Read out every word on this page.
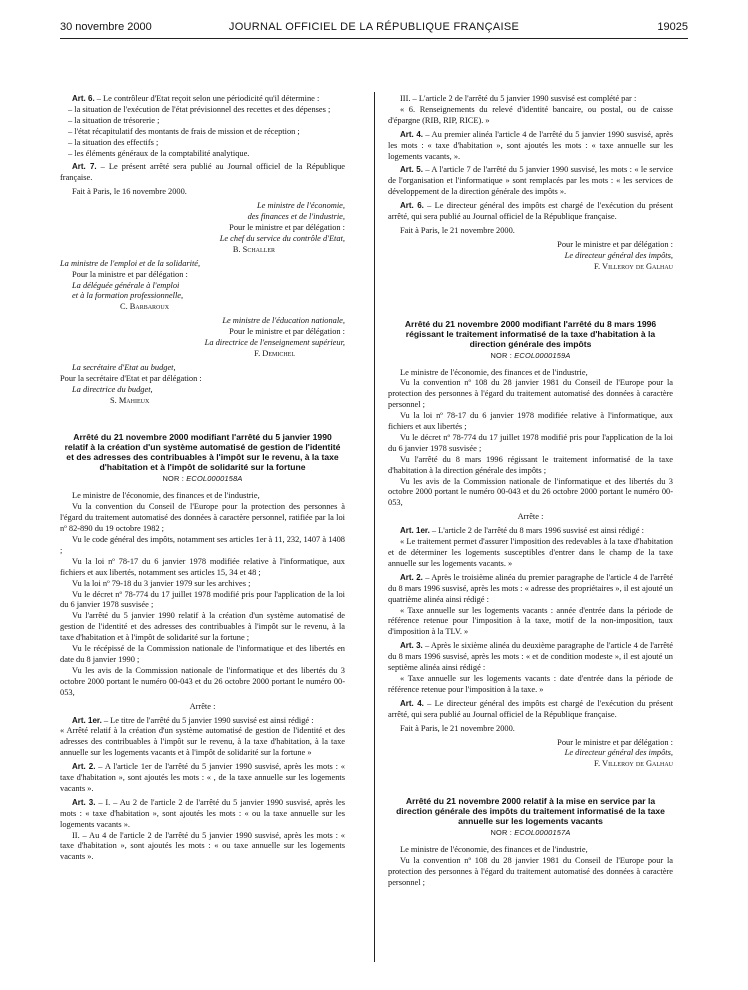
30 novembre 2000	JOURNAL OFFICIEL DE LA RÉPUBLIQUE FRANÇAISE	19025

Art. 6. – Le contrôleur d'Etat reçoit selon une périodicité qu'il détermine :

– la situation de l'exécution de l'état prévisionnel des recettes et des dépenses ;

– la situation de trésorerie ;

– l'état récapitulatif des montants de frais de mission et de réception ;

– la situation des effectifs ;

– les éléments généraux de la comptabilité analytique.

Art. 7. – Le présent arrêté sera publié au Journal officiel de la République française.

Fait à Paris, le 16 novembre 2000.

Le ministre de l'économie,

des finances et de l'industrie,

Pour le ministre et par délégation :

Le chef du service du contrôle d'Etat,

B. Schaller

La ministre de l'emploi et de la solidarité,

Pour la ministre et par délégation :

La déléguée générale à l'emploi

et à la formation professionnelle,

C. Barbaroux

Le ministre de l'éducation nationale,

Pour le ministre et par délégation :

La directrice de l'enseignement supérieur,

F. Demichel

La secrétaire d'Etat au budget,

Pour la secrétaire d'Etat et par délégation :

La directrice du budget,

S. Mahieux

Arrêté du 21 novembre 2000 modifiant l'arrêté du 5 janvier 1990 relatif à la création d'un système automatisé de gestion de l'identité et des adresses des contribuables à l'impôt sur le revenu, à la taxe d'habitation et à l'impôt de solidarité sur la fortune
NOR : ECOL0000158A

Le ministre de l'économie, des finances et de l'industrie,

Vu la convention du Conseil de l'Europe pour la protection des personnes à l'égard du traitement automatisé des données à caractère personnel, ratifiée par la loi nº 82-890 du 19 octobre 1982 ;

Vu le code général des impôts, notamment ses articles 1er à 11, 232, 1407 à 1408 ;

Vu la loi nº 78-17 du 6 janvier 1978 modifiée relative à l'informatique, aux fichiers et aux libertés, notamment ses articles 15, 34 et 48 ;

Vu la loi nº 79-18 du 3 janvier 1979 sur les archives ;

Vu le décret nº 78-774 du 17 juillet 1978 modifié pris pour l'application de la loi du 6 janvier 1978 susvisée ;

Vu l'arrêté du 5 janvier 1990 relatif à la création d'un système automatisé de gestion de l'identité et des adresses des contribuables à l'impôt sur le revenu, à la taxe d'habitation et à l'impôt de solidarité sur la fortune ;

Vu le récépissé de la Commission nationale de l'informatique et des libertés en date du 8 janvier 1990 ;

Vu les avis de la Commission nationale de l'informatique et des libertés du 3 octobre 2000 portant le numéro 00-043 et du 26 octobre 2000 portant le numéro 00-053,

Arrête :

Art. 1er. – Le titre de l'arrêté du 5 janvier 1990 susvisé est ainsi rédigé :

« Arrêté relatif à la création d'un système automatisé de gestion de l'identité et des adresses des contribuables à l'impôt sur le revenu, à la taxe d'habitation, à la taxe annuelle sur les logements vacants et à l'impôt de solidarité sur la fortune »

Art. 2. – A l'article 1er de l'arrêté du 5 janvier 1990 susvisé, après les mots : « taxe d'habitation », sont ajoutés les mots : « , de la taxe annuelle sur les logements vacants ».

Art. 3. – I. – Au 2 de l'article 2 de l'arrêté du 5 janvier 1990 susvisé, après les mots : « taxe d'habitation », sont ajoutés les mots : « ou la taxe annuelle sur les logements vacants ».

II. – Au 4 de l'article 2 de l'arrêté du 5 janvier 1990 susvisé, après les mots : « taxe d'habitation », sont ajoutés les mots : « ou taxe annuelle sur les logements vacants ».

III. – L'article 2 de l'arrêté du 5 janvier 1990 susvisé est complété par :

« 6. Renseignements du relevé d'identité bancaire, ou postal, ou de caisse d'épargne (RIB, RIP, RICE). »

Art. 4. – Au premier alinéa l'article 4 de l'arrêté du 5 janvier 1990 susvisé, après les mots : « taxe d'habitation », sont ajoutés les mots : « taxe annuelle sur les logements vacants, ».

Art. 5. – A l'article 7 de l'arrêté du 5 janvier 1990 susvisé, les mots : « le service de l'organisation et l'informatique » sont remplacés par les mots : « les services de développement de la direction générale des impôts ».

Art. 6. – Le directeur général des impôts est chargé de l'exécution du présent arrêté, qui sera publié au Journal officiel de la République française.

Fait à Paris, le 21 novembre 2000.

Pour le ministre et par délégation :

Le directeur général des impôts,

F. Villeroy de Galhau

Arrêté du 21 novembre 2000 modifiant l'arrêté du 8 mars 1996 régissant le traitement informatisé de la taxe d'habitation à la direction générale des impôts
NOR : ECOL0000159A

Le ministre de l'économie, des finances et de l'industrie,

Vu la convention nº 108 du 28 janvier 1981 du Conseil de l'Europe pour la protection des personnes à l'égard du traitement automatisé des données à caractère personnel ;

Vu la loi nº 78-17 du 6 janvier 1978 modifiée relative à l'informatique, aux fichiers et aux libertés ;

Vu le décret nº 78-774 du 17 juillet 1978 modifié pris pour l'application de la loi du 6 janvier 1978 susvisée ;

Vu l'arrêté du 8 mars 1996 régissant le traitement informatisé de la taxe d'habitation à la direction générale des impôts ;

Vu les avis de la Commission nationale de l'informatique et des libertés du 3 octobre 2000 portant le numéro 00-043 et du 26 octobre 2000 portant le numéro 00-053,

Arrête :

Art. 1er. – L'article 2 de l'arrêté du 8 mars 1996 susvisé est ainsi rédigé :

« Le traitement permet d'assurer l'imposition des redevables à la taxe d'habitation et de déterminer les logements susceptibles d'entrer dans le champ de la taxe annuelle sur les logements vacants. »

Art. 2. – Après le troisième alinéa du premier paragraphe de l'article 4 de l'arrêté du 8 mars 1996 susvisé, après les mots : « adresse des propriétaires », il est ajouté un quatrième alinéa ainsi rédigé :

« Taxe annuelle sur les logements vacants : année d'entrée dans la période de référence retenue pour l'imposition à la taxe, motif de la non-imposition, taux d'imposition à la TLV. »

Art. 3. – Après le sixième alinéa du deuxième paragraphe de l'article 4 de l'arrêté du 8 mars 1996 susvisé, après les mots : « et de condition modeste », il est ajouté un septième alinéa ainsi rédigé :

« Taxe annuelle sur les logements vacants : date d'entrée dans la période de référence retenue pour l'imposition à la taxe. »

Art. 4. – Le directeur général des impôts est chargé de l'exécution du présent arrêté, qui sera publié au Journal officiel de la République française.

Fait à Paris, le 21 novembre 2000.

Pour le ministre et par délégation :

Le directeur général des impôts,

F. Villeroy de Galhau

Arrêté du 21 novembre 2000 relatif à la mise en service par la direction générale des impôts du traitement informatisé de la taxe annuelle sur les logements vacants
NOR : ECOL0000157A

Le ministre de l'économie, des finances et de l'industrie,

Vu la convention nº 108 du 28 janvier 1981 du Conseil de l'Europe pour la protection des personnes à l'égard du traitement automatisé des données à caractère personnel ;
